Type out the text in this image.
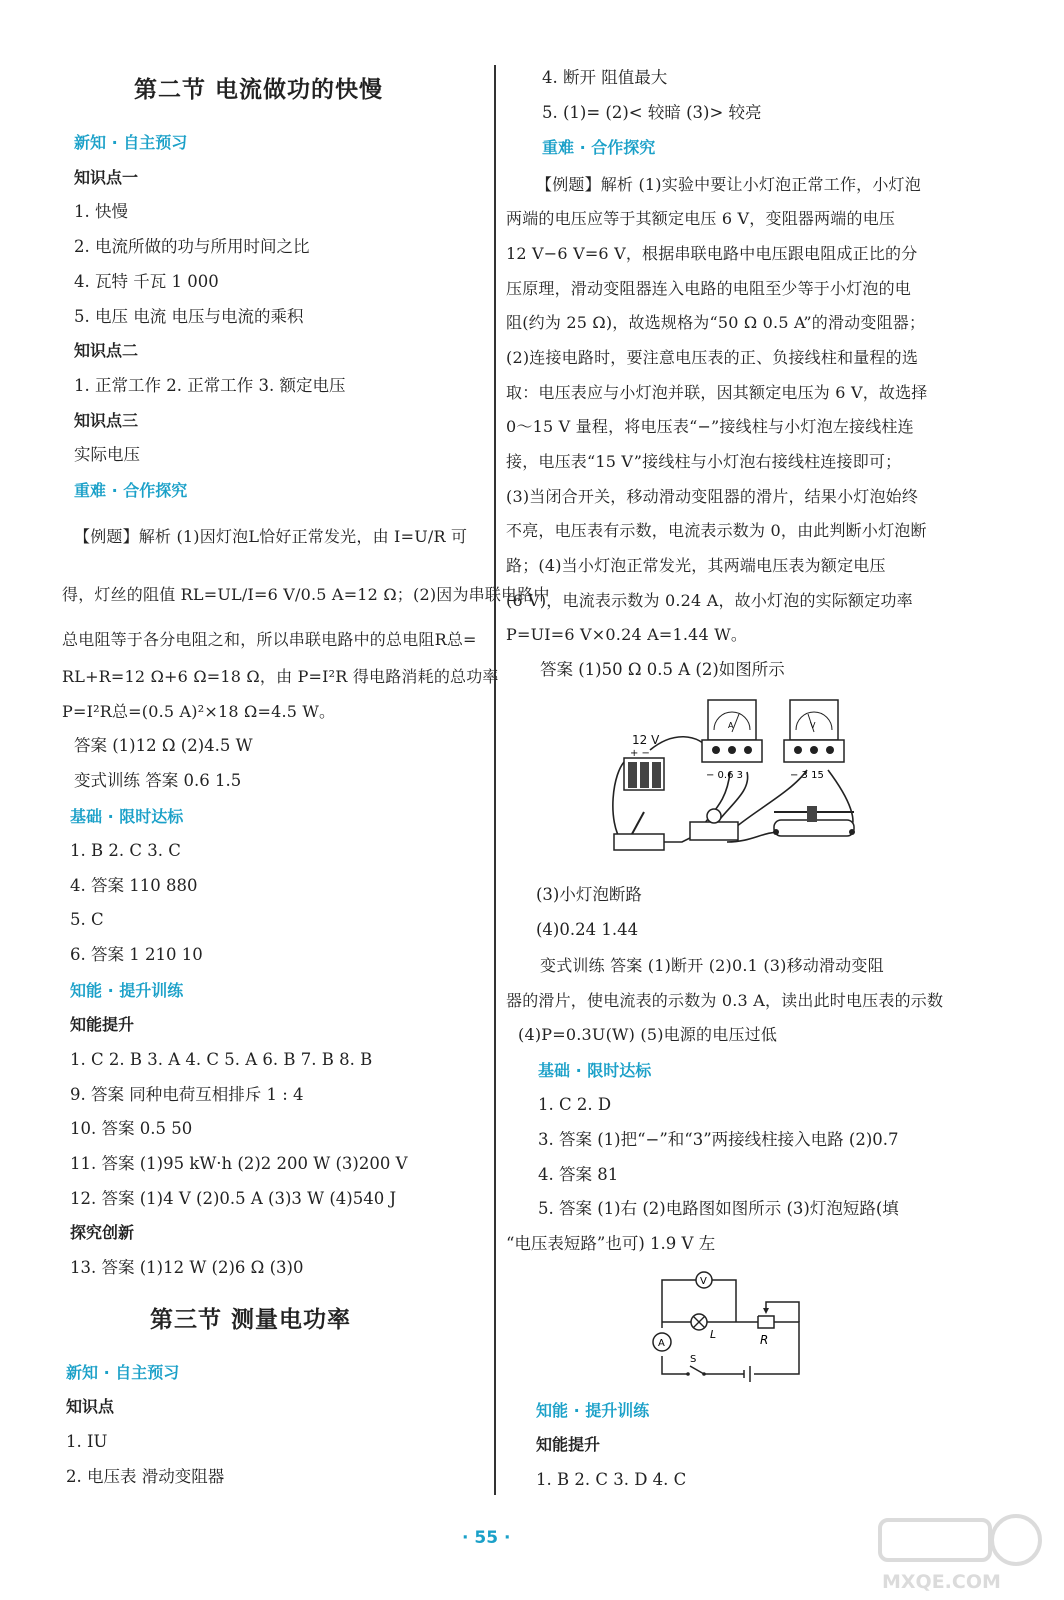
第二节 电流做功的快慢
新知 · 自主预习
知识点一
1. 快慢
2. 电流所做的功与所用时间之比
4. 瓦特 千瓦 1 000
5. 电压 电流 电压与电流的乘积
知识点二
1. 正常工作 2. 正常工作 3. 额定电压
知识点三
实际电压
重难 · 合作探究
【例题】解析 (1)因灯泡L恰好正常发光，由 I=U/R 可
得，灯丝的阻值 RL=UL/I=6 V/0.5 A=12 Ω；(2)因为串联电路中
总电阻等于各分电阻之和，所以串联电路中的总电阻R总=
RL+R=12 Ω+6 Ω=18 Ω，由 P=I²R 得电路消耗的总功率
P=I²R总=(0.5 A)²×18 Ω=4.5 W。
答案 (1)12 Ω (2)4.5 W
变式训练 答案 0.6 1.5
基础 · 限时达标
1. B 2. C 3. C
4. 答案 110 880
5. C
6. 答案 1 210 10
知能 · 提升训练
知能提升
1. C 2. B 3. A 4. C 5. A 6. B 7. B 8. B
9. 答案 同种电荷互相排斥 1 : 4
10. 答案 0.5 50
11. 答案 (1)95 kW·h (2)2 200 W (3)200 V
12. 答案 (1)4 V (2)0.5 A (3)3 W (4)540 J
探究创新
13. 答案 (1)12 W (2)6 Ω (3)0
第三节 测量电功率
新知 · 自主预习
知识点
1. IU
2. 电压表 滑动变阻器
4. 断开 阻值最大
5. (1)= (2)< 较暗 (3)> 较亮
重难 · 合作探究
【例题】解析 (1)实验中要让小灯泡正常工作，小灯泡
两端的电压应等于其额定电压 6 V，变阻器两端的电压
12 V−6 V=6 V，根据串联电路中电压跟电阻成正比的分
压原理，滑动变阻器连入电路的电阻至少等于小灯泡的电
阻(约为 25 Ω)，故选规格为“50 Ω 0.5 A”的滑动变阻器；
(2)连接电路时，要注意电压表的正、负接线柱和量程的选
取：电压表应与小灯泡并联，因其额定电压为 6 V，故选择
0～15 V 量程，将电压表“−”接线柱与小灯泡左接线柱连
接，电压表“15 V”接线柱与小灯泡右接线柱连接即可；
(3)当闭合开关，移动滑动变阻器的滑片，结果小灯泡始终
不亮，电压表有示数，电流表示数为 0，由此判断小灯泡断
路；(4)当小灯泡正常发光，其两端电压表为额定电压
(6 V)，电流表示数为 0.24 A，故小灯泡的实际额定功率
P=UI=6 V×0.24 A=1.44 W。
答案 (1)50 Ω 0.5 A (2)如图所示
12 V
+ −
A
− 0.6 3
V
− 3 15
(3)小灯泡断路
(4)0.24 1.44
变式训练 答案 (1)断开 (2)0.1 (3)移动滑动变阻
器的滑片，使电流表的示数为 0.3 A，读出此时电压表的示数
(4)P=0.3U(W) (5)电源的电压过低
基础 · 限时达标
1. C 2. D
3. 答案 (1)把“−”和“3”两接线柱接入电路 (2)0.7
4. 答案 81
5. 答案 (1)右 (2)电路图如图所示 (3)灯泡短路(填
“电压表短路”也可) 1.9 V 左
V
A
L	R
S
知能 · 提升训练
知能提升
1. B 2. C 3. D 4. C
· 55 ·
MXQE.COM
